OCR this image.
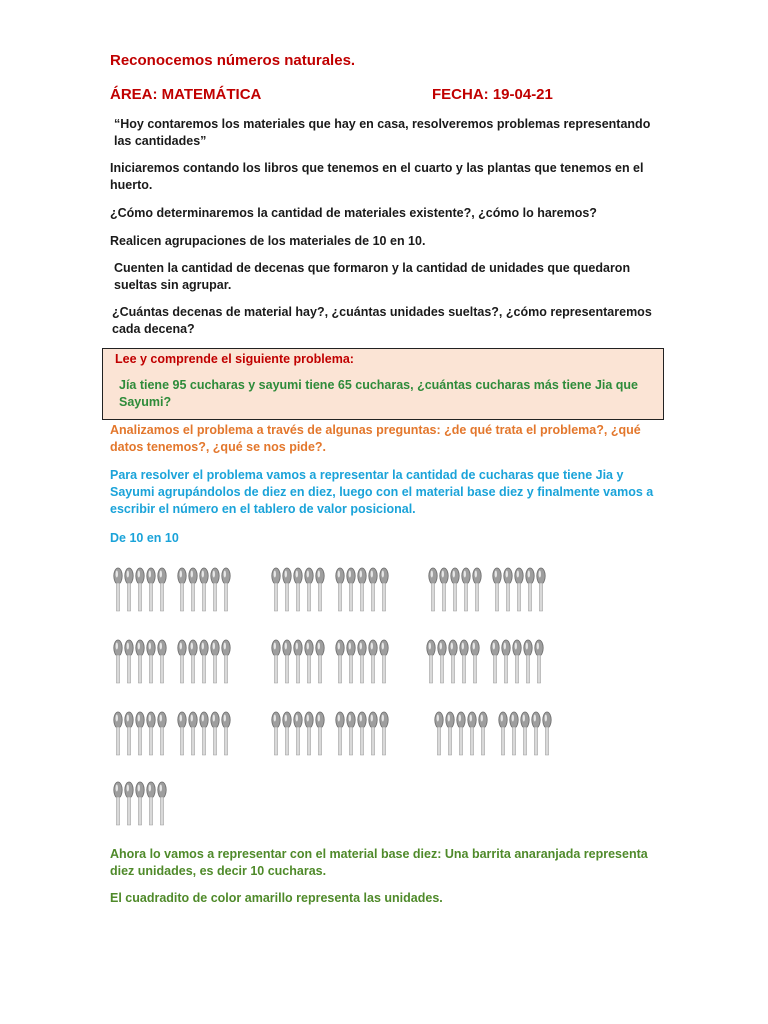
Reconocemos números naturales.

ÁREA: MATEMÁTICA	FECHA: 19-04-21

“Hoy contaremos los materiales que hay en casa, resolveremos problemas representando las cantidades”

Iniciaremos contando los libros que tenemos en el cuarto y las plantas que tenemos en el huerto.

¿Cómo determinaremos la cantidad de materiales existente?, ¿cómo lo haremos?

Realicen agrupaciones de los materiales de 10 en 10.

Cuenten la cantidad de decenas que formaron y la cantidad de unidades que quedaron sueltas sin agrupar.

¿Cuántas decenas de material hay?, ¿cuántas unidades sueltas?, ¿cómo representaremos cada decena?

Lee y comprende el siguiente problema:

Jía tiene 95 cucharas y sayumi tiene 65 cucharas, ¿cuántas cucharas más tiene Jia que Sayumi?

Analizamos el problema a través de algunas preguntas: ¿de qué trata el problema?, ¿qué datos tenemos?, ¿qué se nos pide?.

Para resolver el problema vamos a representar la cantidad de cucharas que tiene Jia y Sayumi agrupándolos de diez en diez, luego con el material base diez y finalmente vamos a escribir el número en el tablero de valor posicional.

De 10 en 10

Ahora lo vamos a representar con el material base diez: Una barrita anaranjada representa diez unidades, es decir 10 cucharas.

El cuadradito de color amarillo representa las unidades.
